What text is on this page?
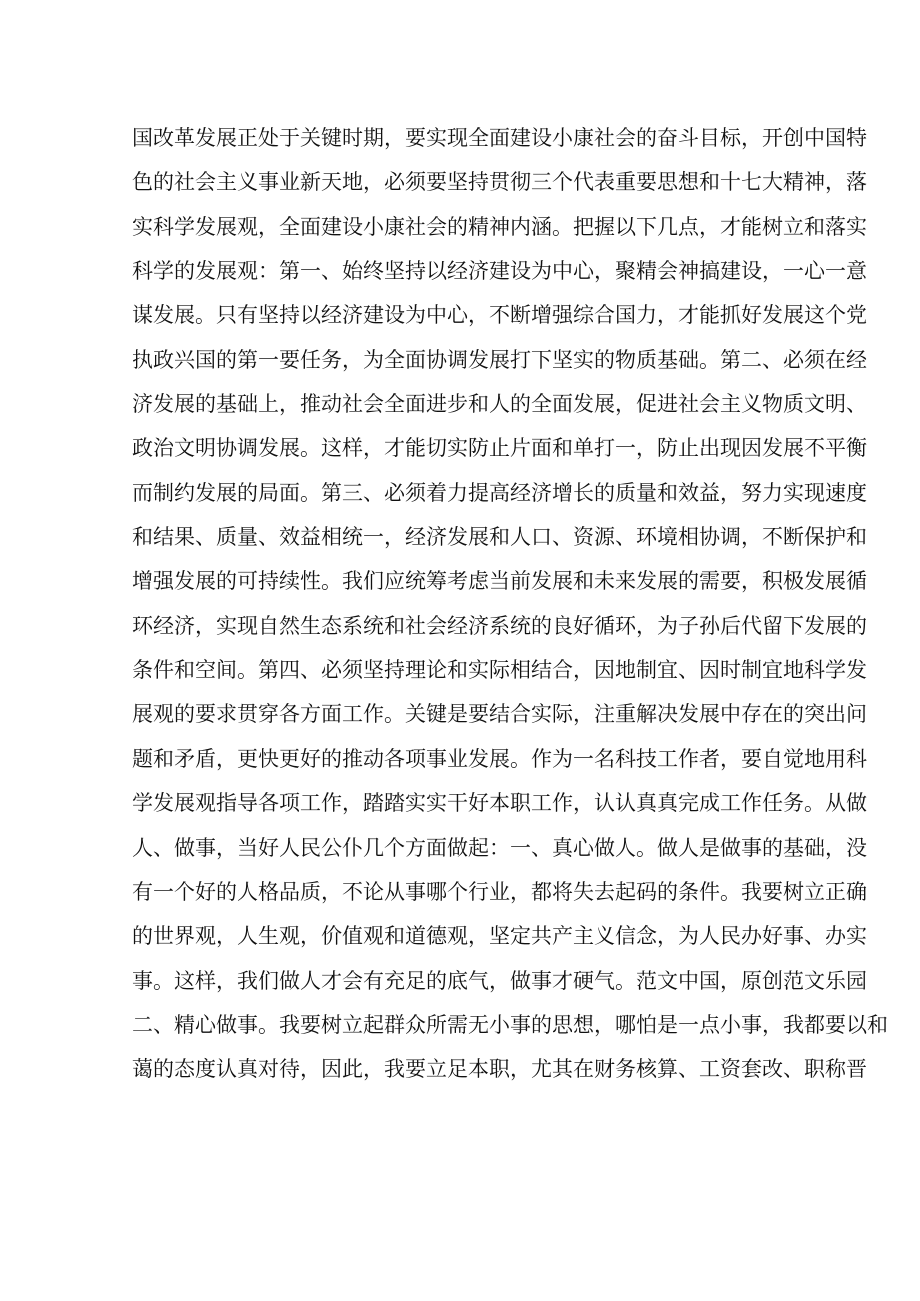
国改革发展正处于关键时期，要实现全面建设小康社会的奋斗目标，开创中国特
色的社会主义事业新天地，必须要坚持贯彻三个代表重要思想和十七大精神，落
实科学发展观，全面建设小康社会的精神内涵。把握以下几点，才能树立和落实
科学的发展观：第一、始终坚持以经济建设为中心，聚精会神搞建设，一心一意
谋发展。只有坚持以经济建设为中心，不断增强综合国力，才能抓好发展这个党
执政兴国的第一要任务，为全面协调发展打下坚实的物质基础。第二、必须在经
济发展的基础上，推动社会全面进步和人的全面发展，促进社会主义物质文明、
政治文明协调发展。这样，才能切实防止片面和单打一，防止出现因发展不平衡
而制约发展的局面。第三、必须着力提高经济增长的质量和效益，努力实现速度
和结果、质量、效益相统一，经济发展和人口、资源、环境相协调，不断保护和
增强发展的可持续性。我们应统筹考虑当前发展和未来发展的需要，积极发展循
环经济，实现自然生态系统和社会经济系统的良好循环，为子孙后代留下发展的
条件和空间。第四、必须坚持理论和实际相结合，因地制宜、因时制宜地科学发
展观的要求贯穿各方面工作。关键是要结合实际，注重解决发展中存在的突出问
题和矛盾，更快更好的推动各项事业发展。作为一名科技工作者，要自觉地用科
学发展观指导各项工作，踏踏实实干好本职工作，认认真真完成工作任务。从做
人、做事，当好人民公仆几个方面做起：一、真心做人。做人是做事的基础，没
有一个好的人格品质，不论从事哪个行业，都将失去起码的条件。我要树立正确
的世界观，人生观，价值观和道德观，坚定共产主义信念，为人民办好事、办实
事。这样，我们做人才会有充足的底气，做事才硬气。范文中国，原创范文乐园
二、精心做事。我要树立起群众所需无小事的思想，哪怕是一点小事，我都要以和
蔼的态度认真对待，因此，我要立足本职，尤其在财务核算、工资套改、职称晋
